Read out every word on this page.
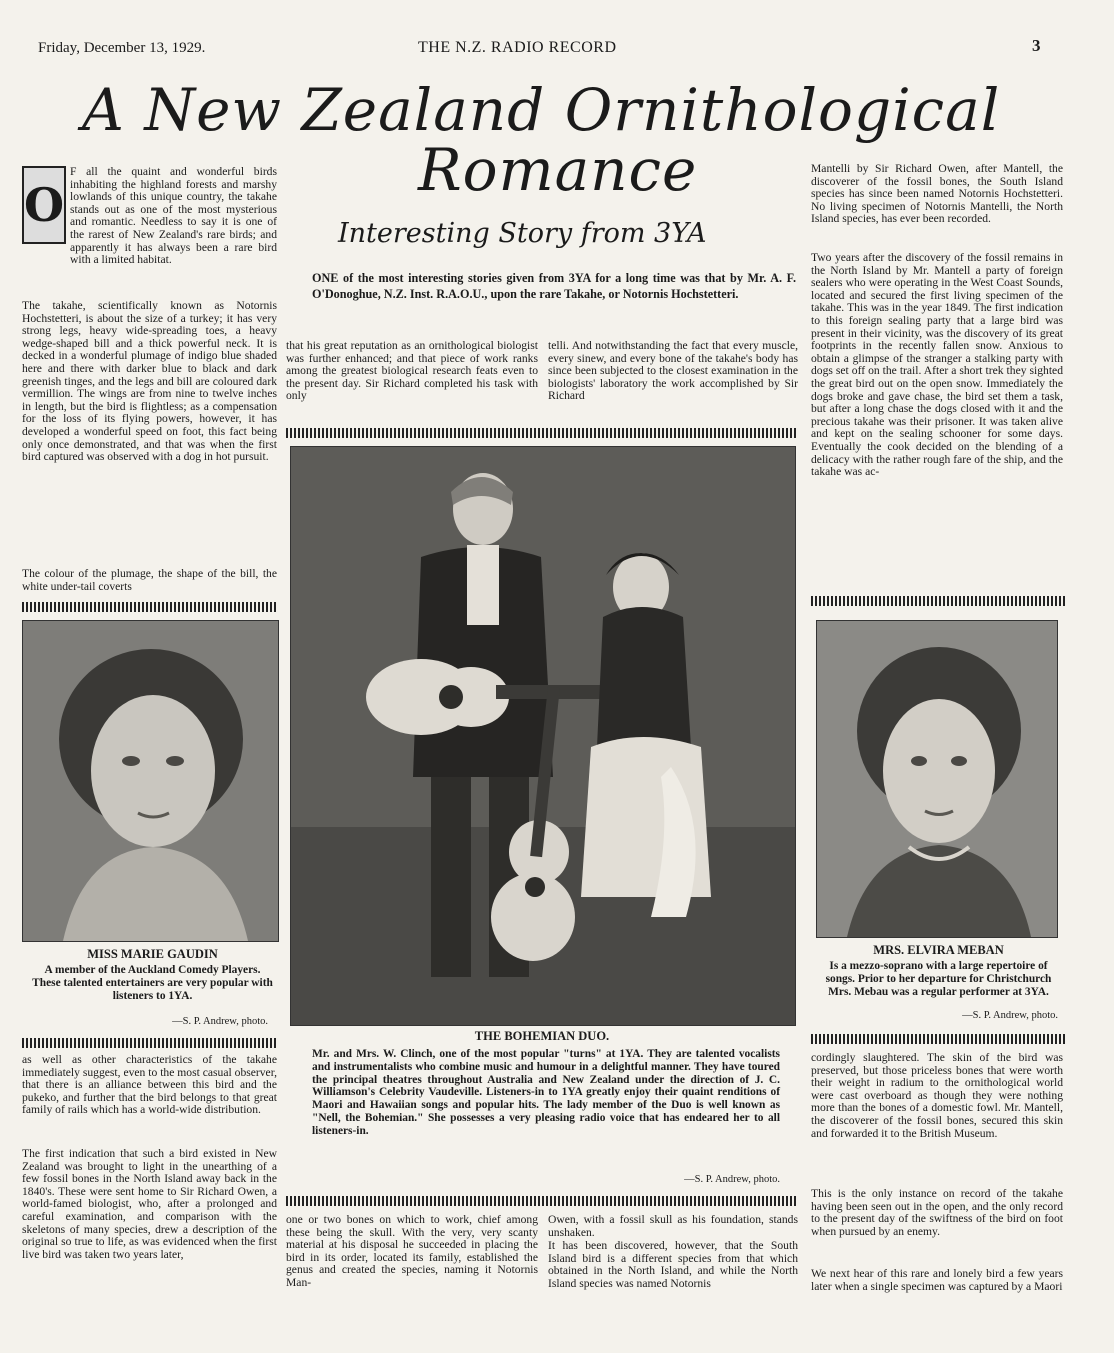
Friday, December 13, 1929.	THE N.Z. RADIO RECORD	3
A New Zealand Ornithological
Romance
Interesting Story from 3YA
ONE of the most interesting stories given from 3YA for a long time was that by Mr. A. F. O'Donoghue, N.Z. Inst. R.A.O.U., upon the rare Takahe, or Notornis Hochstetteri.
O

F all the quaint and wonderful birds inhabiting the highland forests and marshy lowlands of this unique country, the takahe stands out as one of the most mysterious and romantic. Needless to say it is one of the rarest of New Zealand's rare birds; and apparently it has always been a rare bird with a limited habitat.

The takahe, scientifically known as Notornis Hochstetteri, is about the size of a turkey; it has very strong legs, heavy wide-spreading toes, a heavy wedge-shaped bill and a thick powerful neck. It is decked in a wonderful plumage of indigo blue shaded here and there with darker blue to black and dark greenish tinges, and the legs and bill are coloured dark vermillion. The wings are from nine to twelve inches in length, but the bird is flightless; as a compensation for the loss of its flying powers, however, it has developed a wonderful speed on foot, this fact being only once demonstrated, and that was when the first bird captured was observed with a dog in hot pursuit.

The colour of the plumage, the shape of the bill, the white under-tail coverts

that his great reputation as an ornithological biologist was further enhanced; and that piece of work ranks among the greatest biological research feats even to the present day. Sir Richard completed his task with only

telli. And notwithstanding the fact that every muscle, every sinew, and every bone of the takahe's body has since been subjected to the closest examination in the biologists' laboratory the work accomplished by Sir Richard

Mantelli by Sir Richard Owen, after Mantell, the discoverer of the fossil bones, the South Island species has since been named Notornis Hochstetteri. No living specimen of Notornis Mantelli, the North Island species, has ever been recorded.

Two years after the discovery of the fossil remains in the North Island by Mr. Mantell a party of foreign sealers who were operating in the West Coast Sounds, located and secured the first living specimen of the takahe. This was in the year 1849. The first indication to this foreign sealing party that a large bird was present in their vicinity, was the discovery of its great footprints in the recently fallen snow. Anxious to obtain a glimpse of the stranger a stalking party with dogs set off on the trail. After a short trek they sighted the great bird out on the open snow. Immediately the dogs broke and gave chase, the bird set them a task, but after a long chase the dogs closed with it and the precious takahe was their prisoner. It was taken alive and kept on the sealing schooner for some days. Eventually the cook decided on the blending of a delicacy with the rather rough fare of the ship, and the takahe was ac-

MISS MARIE GAUDIN
A member of the Auckland Comedy Players. These talented entertainers are very popular with listeners to 1YA.
—S. P. Andrew, photo.
THE BOHEMIAN DUO.
Mr. and Mrs. W. Clinch, one of the most popular "turns" at 1YA. They are talented vocalists and instrumentalists who combine music and humour in a delightful manner. They have toured the principal theatres throughout Australia and New Zealand under the direction of J. C. Williamson's Celebrity Vaudeville. Listeners-in to 1YA greatly enjoy their quaint renditions of Maori and Hawaiian songs and popular hits. The lady member of the Duo is well known as "Nell, the Bohemian." She possesses a very pleasing radio voice that has endeared her to all listeners-in.
—S. P. Andrew, photo.
MRS. ELVIRA MEBAN
Is a mezzo-soprano with a large repertoire of songs. Prior to her departure for Christchurch Mrs. Mebau was a regular performer at 3YA.
—S. P. Andrew, photo.

as well as other characteristics of the takahe immediately suggest, even to the most casual observer, that there is an alliance between this bird and the pukeko, and further that the bird belongs to that great family of rails which has a world-wide distribution.

The first indication that such a bird existed in New Zealand was brought to light in the unearthing of a few fossil bones in the North Island away back in the 1840's. These were sent home to Sir Richard Owen, a world-famed biologist, who, after a prolonged and careful examination, and comparison with the skeletons of many species, drew a description of the original so true to life, as was evidenced when the first live bird was taken two years later,

one or two bones on which to work, chief among these being the skull. With the very, very scanty material at his disposal he succeeded in placing the bird in its order, located its family, established the genus and created the species, naming it Notornis Man-

Owen, with a fossil skull as his foundation, stands unshaken.

It has been discovered, however, that the South Island bird is a different species from that which obtained in the North Island, and while the North Island species was named Notornis

cordingly slaughtered. The skin of the bird was preserved, but those priceless bones that were worth their weight in radium to the ornithological world were cast overboard as though they were nothing more than the bones of a domestic fowl. Mr. Mantell, the discoverer of the fossil bones, secured this skin and forwarded it to the British Museum.

This is the only instance on record of the takahe having been seen out in the open, and the only record to the present day of the swiftness of the bird on foot when pursued by an enemy.

We next hear of this rare and lonely bird a few years later when a single specimen was captured by a Maori
